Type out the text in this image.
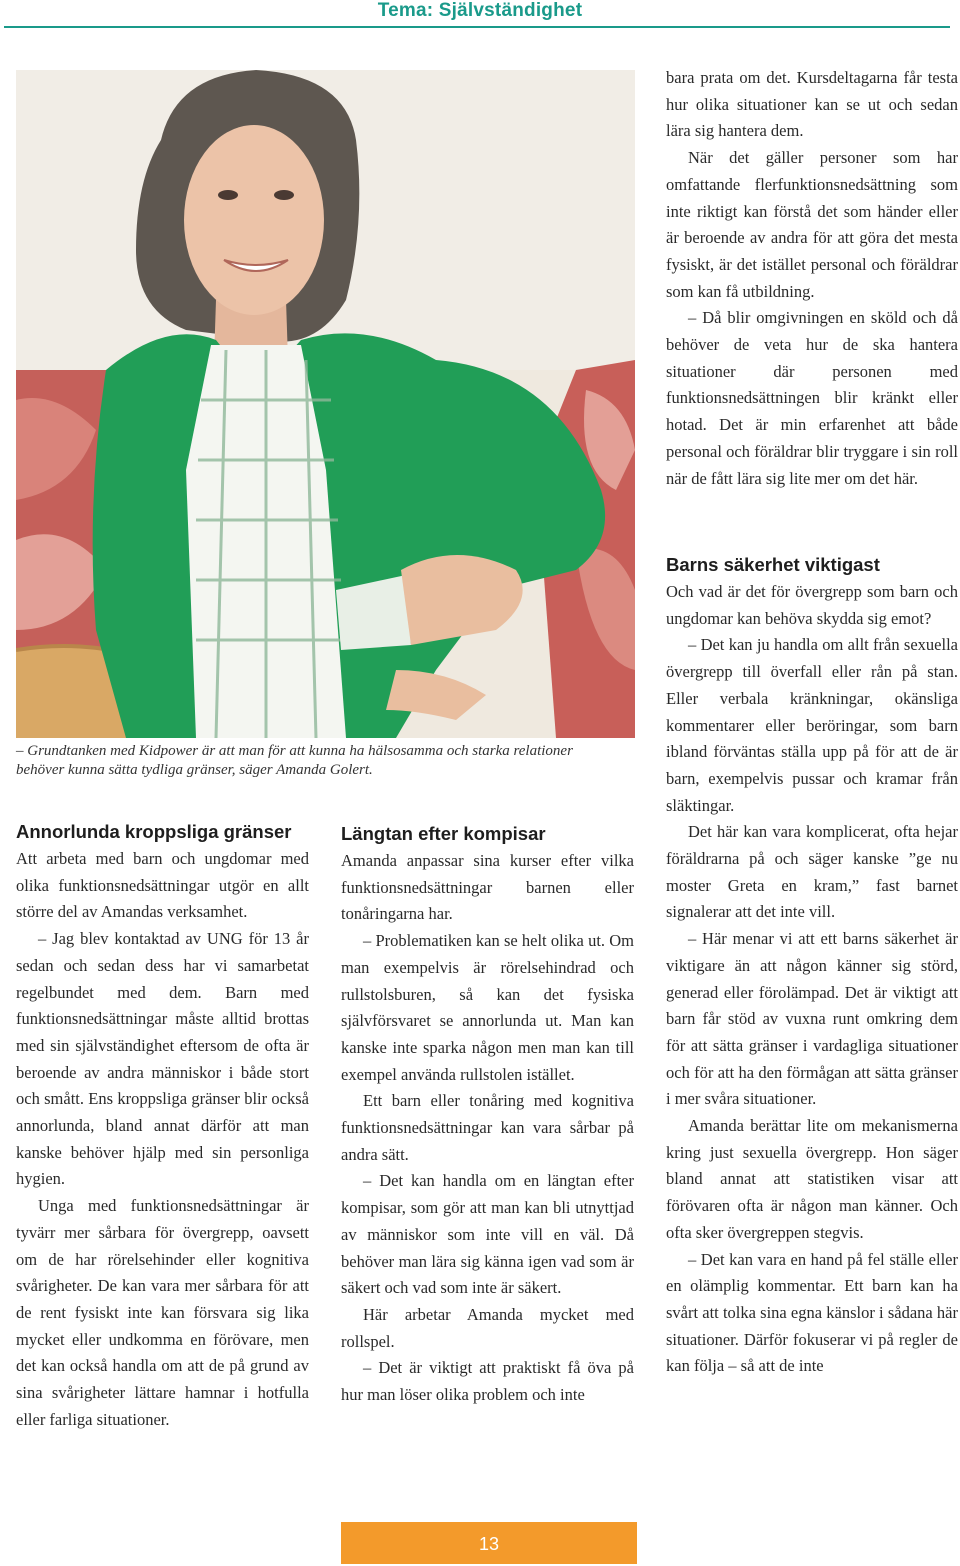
Tema: Självständighet
– Grundtanken med Kidpower är att man för att kunna ha hälsosamma och starka relationer behöver kunna sätta tydliga gränser, säger Amanda Golert.
Annorlunda kroppsliga gränser

Att arbeta med barn och ungdomar med olika funktionsnedsättningar utgör en allt större del av Amandas verksamhet.

– Jag blev kontaktad av UNG för 13 år sedan och sedan dess har vi samarbetat regelbundet med dem. Barn med funktionsnedsättningar måste alltid brottas med sin självständighet eftersom de ofta är beroende av andra människor i både stort och smått. Ens kroppsliga gränser blir också annorlunda, bland annat därför att man kanske behöver hjälp med sin personliga hygien.

Unga med funktionsnedsättningar är tyvärr mer sårbara för övergrepp, oavsett om de har rörelsehinder eller kognitiva svårigheter. De kan vara mer sårbara för att de rent fysiskt inte kan försvara sig lika mycket eller undkomma en förövare, men det kan också handla om att de på grund av sina svårigheter lättare hamnar i hotfulla eller farliga situationer.

Längtan efter kompisar

Amanda anpassar sina kurser efter vilka funktionsnedsättningar barnen eller tonåringarna har.

– Problematiken kan se helt olika ut. Om man exempelvis är rörelsehindrad och rullstolsburen, så kan det fysiska självförsvaret se annorlunda ut. Man kan kanske inte sparka någon men man kan till exempel använda rullstolen istället.

Ett barn eller tonåring med kognitiva funktionsnedsättningar kan vara sårbar på andra sätt.

– Det kan handla om en längtan efter kompisar, som gör att man kan bli utnyttjad av människor som inte vill en väl. Då behöver man lära sig känna igen vad som är säkert och vad som inte är säkert.

Här arbetar Amanda mycket med rollspel.

– Det är viktigt att praktiskt få öva på hur man löser olika problem och inte

bara prata om det. Kursdeltagarna får testa hur olika situationer kan se ut och sedan lära sig hantera dem.

När det gäller personer som har omfattande flerfunktionsnedsättning som inte riktigt kan förstå det som händer eller är beroende av andra för att göra det mesta fysiskt, är det istället personal och föräldrar som kan få utbildning.

– Då blir omgivningen en sköld och då behöver de veta hur de ska hantera situationer där personen med funktionsnedsättningen blir kränkt eller hotad. Det är min erfarenhet att både personal och föräldrar blir tryggare i sin roll när de fått lära sig lite mer om det här.

Barns säkerhet viktigast

Och vad är det för övergrepp som barn och ungdomar kan behöva skydda sig emot?

– Det kan ju handla om allt från sexuella övergrepp till överfall eller rån på stan. Eller verbala kränkningar, okänsliga kommentarer eller beröringar, som barn ibland förväntas ställa upp på för att de är barn, exempelvis pussar och kramar från släktingar.

Det här kan vara komplicerat, ofta hejar föräldrarna på och säger kanske ”ge nu moster Greta en kram,” fast barnet signalerar att det inte vill.

– Här menar vi att ett barns säkerhet är viktigare än att någon känner sig störd, generad eller förolämpad. Det är viktigt att barn får stöd av vuxna runt omkring dem för att sätta gränser i vardagliga situationer och för att ha den förmågan att sätta gränser i mer svåra situationer.

Amanda berättar lite om mekanismerna kring just sexuella övergrepp. Hon säger bland annat att statistiken visar att förövaren ofta är någon man känner. Och ofta sker övergreppen stegvis.

– Det kan vara en hand på fel ställe eller en olämplig kommentar. Ett barn kan ha svårt att tolka sina egna känslor i sådana här situationer. Därför fokuserar vi på regler de kan följa – så att de inte

13
